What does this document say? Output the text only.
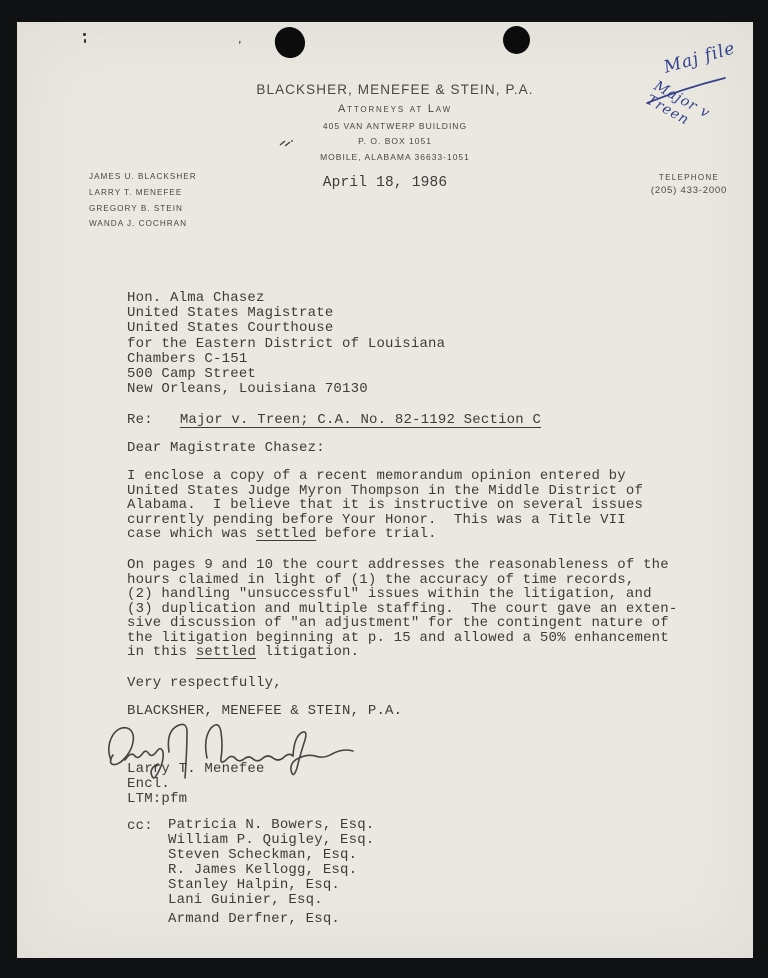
’	Maj file
Major v Treen
BLACKSHER, MENEFEE & STEIN, P.A.
Attorneys at Law
405 VAN ANTWERP BUILDING
P. O. BOX 1051
MOBILE, ALABAMA 36633-1051
JAMES U. BLACKSHER
LARRY T. MENEFEE
GREGORY B. STEIN
WANDA J. COCHRAN
TELEPHONE
(205) 433-2000
April 18, 1986
Hon. Alma Chasez
United States Magistrate
United States Courthouse
for the Eastern District of Louisiana
Chambers C-151
500 Camp Street
New Orleans, Louisiana 70130
Re: Major v. Treen; C.A. No. 82-1192 Section C
Dear Magistrate Chasez:
I enclose a copy of a recent memorandum opinion entered by
United States Judge Myron Thompson in the Middle District of
Alabama.  I believe that it is instructive on several issues
currently pending before Your Honor.  This was a Title VII
case which was settled before trial.
On pages 9 and 10 the court addresses the reasonableness of the
hours claimed in light of (1) the accuracy of time records,
(2) handling "unsuccessful" issues within the litigation, and
(3) duplication and multiple staffing.  The court gave an exten-
sive discussion of "an adjustment" for the contingent nature of
the litigation beginning at p. 15 and allowed a 50% enhancement
in this settled litigation.
Very respectfully,
BLACKSHER, MENEFEE & STEIN, P.A.
Larry T. Menefee
Encl.
LTM:pfm
cc:	Patricia N. Bowers, Esq.
William P. Quigley, Esq.
Steven Scheckman, Esq.
R. James Kellogg, Esq.
Stanley Halpin, Esq.
Lani Guinier, Esq.
Armand Derfner, Esq.
